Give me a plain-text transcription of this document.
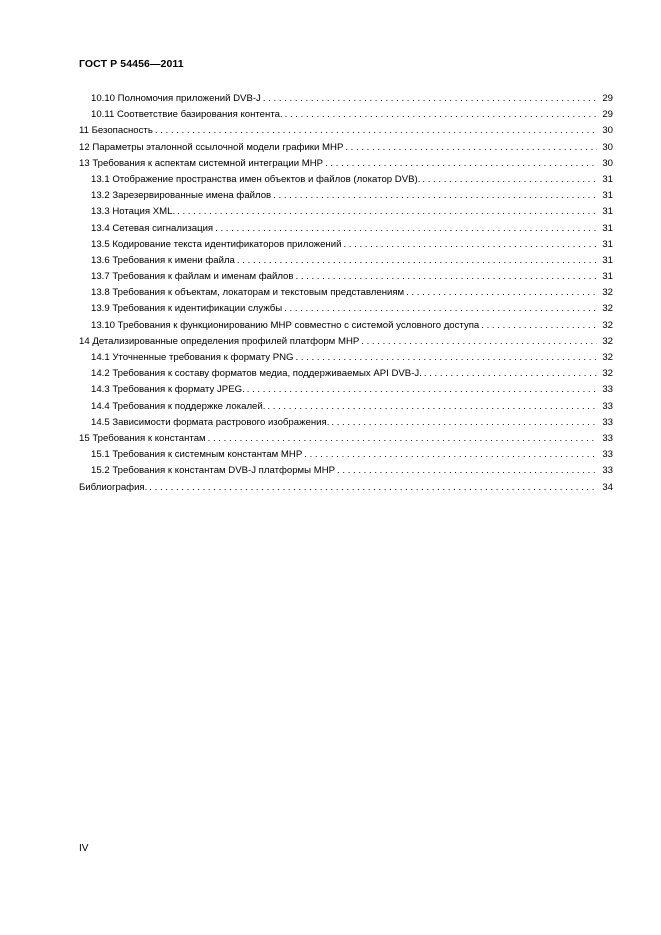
ГОСТ Р 54456—2011
10.10 Полномочия приложений DVB-J . . .	29
10.11 Соответствие базирования контента. . . .	29
11 Безопасность . . .	30
12 Параметры эталонной ссылочной модели графики МНР . . .	30
13 Требования к аспектам системной интеграции МНР . . .	30
13.1 Отображение пространства имен объектов и файлов (локатор DVB). . . .	31
13.2 Зарезервированные имена файлов . . .	31
13.3 Нотация XML. . . .	31
13.4 Сетевая сигнализация . . .	31
13.5 Кодирование текста идентификаторов приложений . . .	31
13.6 Требования к имени файла . . .	31
13.7 Требования к файлам и именам файлов . . .	31
13.8 Требования к объектам, локаторам и текстовым представлениям . . .	32
13.9 Требования к идентификации службы . . .	32
13.10 Требования к функционированию МНР совместно с системой условного доступа . . .	32
14 Детализированные определения профилей платформ МНР . . .	32
14.1 Уточненные требования к формату PNG . . .	32
14.2 Требования к составу форматов медиа, поддерживаемых API DVB-J. . . .	32
14.3 Требования к формату JPEG. . . .	33
14.4 Требования к поддержке локалей. . . .	33
14.5 Зависимости формата растрового изображения. . . .	33
15 Требования к константам . . .	33
15.1 Требования к системным константам МНР . . .	33
15.2 Требования к константам DVB-J платформы МНР . . .	33
Библиография. . . .	34
IV
